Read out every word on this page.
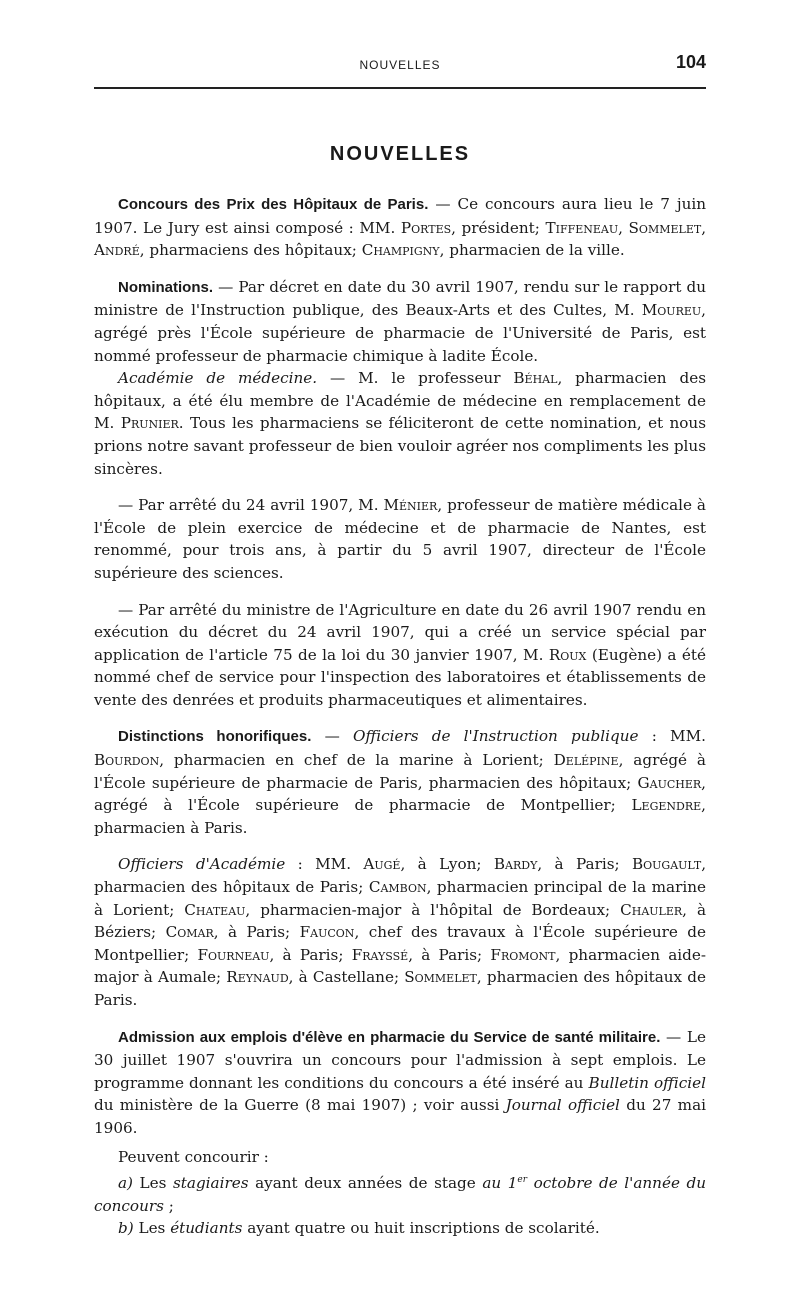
NOUVELLES	104
NOUVELLES

Concours des Prix des Hôpitaux de Paris. — Ce concours aura lieu le 7 juin 1907. Le Jury est ainsi composé : MM. Portes, président; Tiffeneau, Sommelet, André, pharmaciens des hôpitaux; Champigny, pharmacien de la ville.

Nominations. — Par décret en date du 30 avril 1907, rendu sur le rapport du ministre de l'Instruction publique, des Beaux-Arts et des Cultes, M. Moureu, agrégé près l'École supérieure de pharmacie de l'Université de Paris, est nommé professeur de pharmacie chimique à ladite École.

Académie de médecine. — M. le professeur Béhal, pharmacien des hôpitaux, a été élu membre de l'Académie de médecine en remplacement de M. Prunier. Tous les pharmaciens se féliciteront de cette nomination, et nous prions notre savant professeur de bien vouloir agréer nos compliments les plus sincères.

— Par arrêté du 24 avril 1907, M. Ménier, professeur de matière médicale à l'École de plein exercice de médecine et de pharmacie de Nantes, est renommé, pour trois ans, à partir du 5 avril 1907, directeur de l'École supérieure des sciences.

— Par arrêté du ministre de l'Agriculture en date du 26 avril 1907 rendu en exécution du décret du 24 avril 1907, qui a créé un service spécial par application de l'article 75 de la loi du 30 janvier 1907, M. Roux (Eugène) a été nommé chef de service pour l'inspection des laboratoires et établissements de vente des denrées et produits pharmaceutiques et alimentaires.

Distinctions honorifiques. — Officiers de l'Instruction publique : MM. Bourdon, pharmacien en chef de la marine à Lorient; Delépine, agrégé à l'École supérieure de pharmacie de Paris, pharmacien des hôpitaux; Gaucher, agrégé à l'École supérieure de pharmacie de Montpellier; Legendre, pharmacien à Paris.

Officiers d'Académie : MM. Augé, à Lyon; Bardy, à Paris; Bougault, pharmacien des hôpitaux de Paris; Cambon, pharmacien principal de la marine à Lorient; Chateau, pharmacien-major à l'hôpital de Bordeaux; Chauler, à Béziers; Comar, à Paris; Faucon, chef des travaux à l'École supérieure de Montpellier; Fourneau, à Paris; Frayssé, à Paris; Fromont, pharmacien aide-major à Aumale; Reynaud, à Castellane; Sommelet, pharmacien des hôpitaux de Paris.

Admission aux emplois d'élève en pharmacie du Service de santé militaire. — Le 30 juillet 1907 s'ouvrira un concours pour l'admission à sept emplois. Le programme donnant les conditions du concours a été inséré au Bulletin officiel du ministère de la Guerre (8 mai 1907) ; voir aussi Journal officiel du 27 mai 1906.

Peuvent concourir :

a) Les stagiaires ayant deux années de stage au 1er octobre de l'année du concours ;

b) Les étudiants ayant quatre ou huit inscriptions de scolarité.
